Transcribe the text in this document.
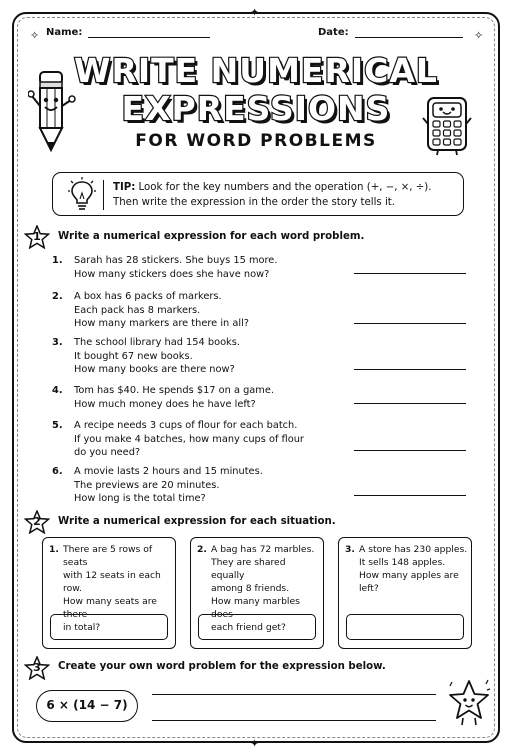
✦
✦
✧	✧
Name:	Date:
WRITE NUMERICAL
EXPRESSIONS
FOR WORD PROBLEMS
TIP: Look for the key numbers and the operation (+, −, ×, ÷).
Then write the expression in the order the story tells it.
1	Write a numerical expression for each word problem.
1. Sarah has 28 stickers. She buys 15 more.
How many stickers does she have now?
2. A box has 6 packs of markers.
Each pack has 8 markers.
How many markers are there in all?
3. The school library had 154 books.
It bought 67 new books.
How many books are there now?
4. Tom has $40. He spends $17 on a game.
How much money does he have left?
5. A recipe needs 3 cups of flour for each batch.
If you make 4 batches, how many cups of flour
do you need?
6. A movie lasts 2 hours and 15 minutes.
The previews are 20 minutes.
How long is the total time?
2	Write a numerical expression for each situation.
1. There are 5 rows of seats
with 12 seats in each row.
How many seats are there
in total?
2. A bag has 72 marbles.
They are shared equally
among 8 friends.
How many marbles does
each friend get?
3. A store has 230 apples.
It sells 148 apples.
How many apples are
left?
3	Create your own word problem for the expression below.
6 × (14 − 7)
